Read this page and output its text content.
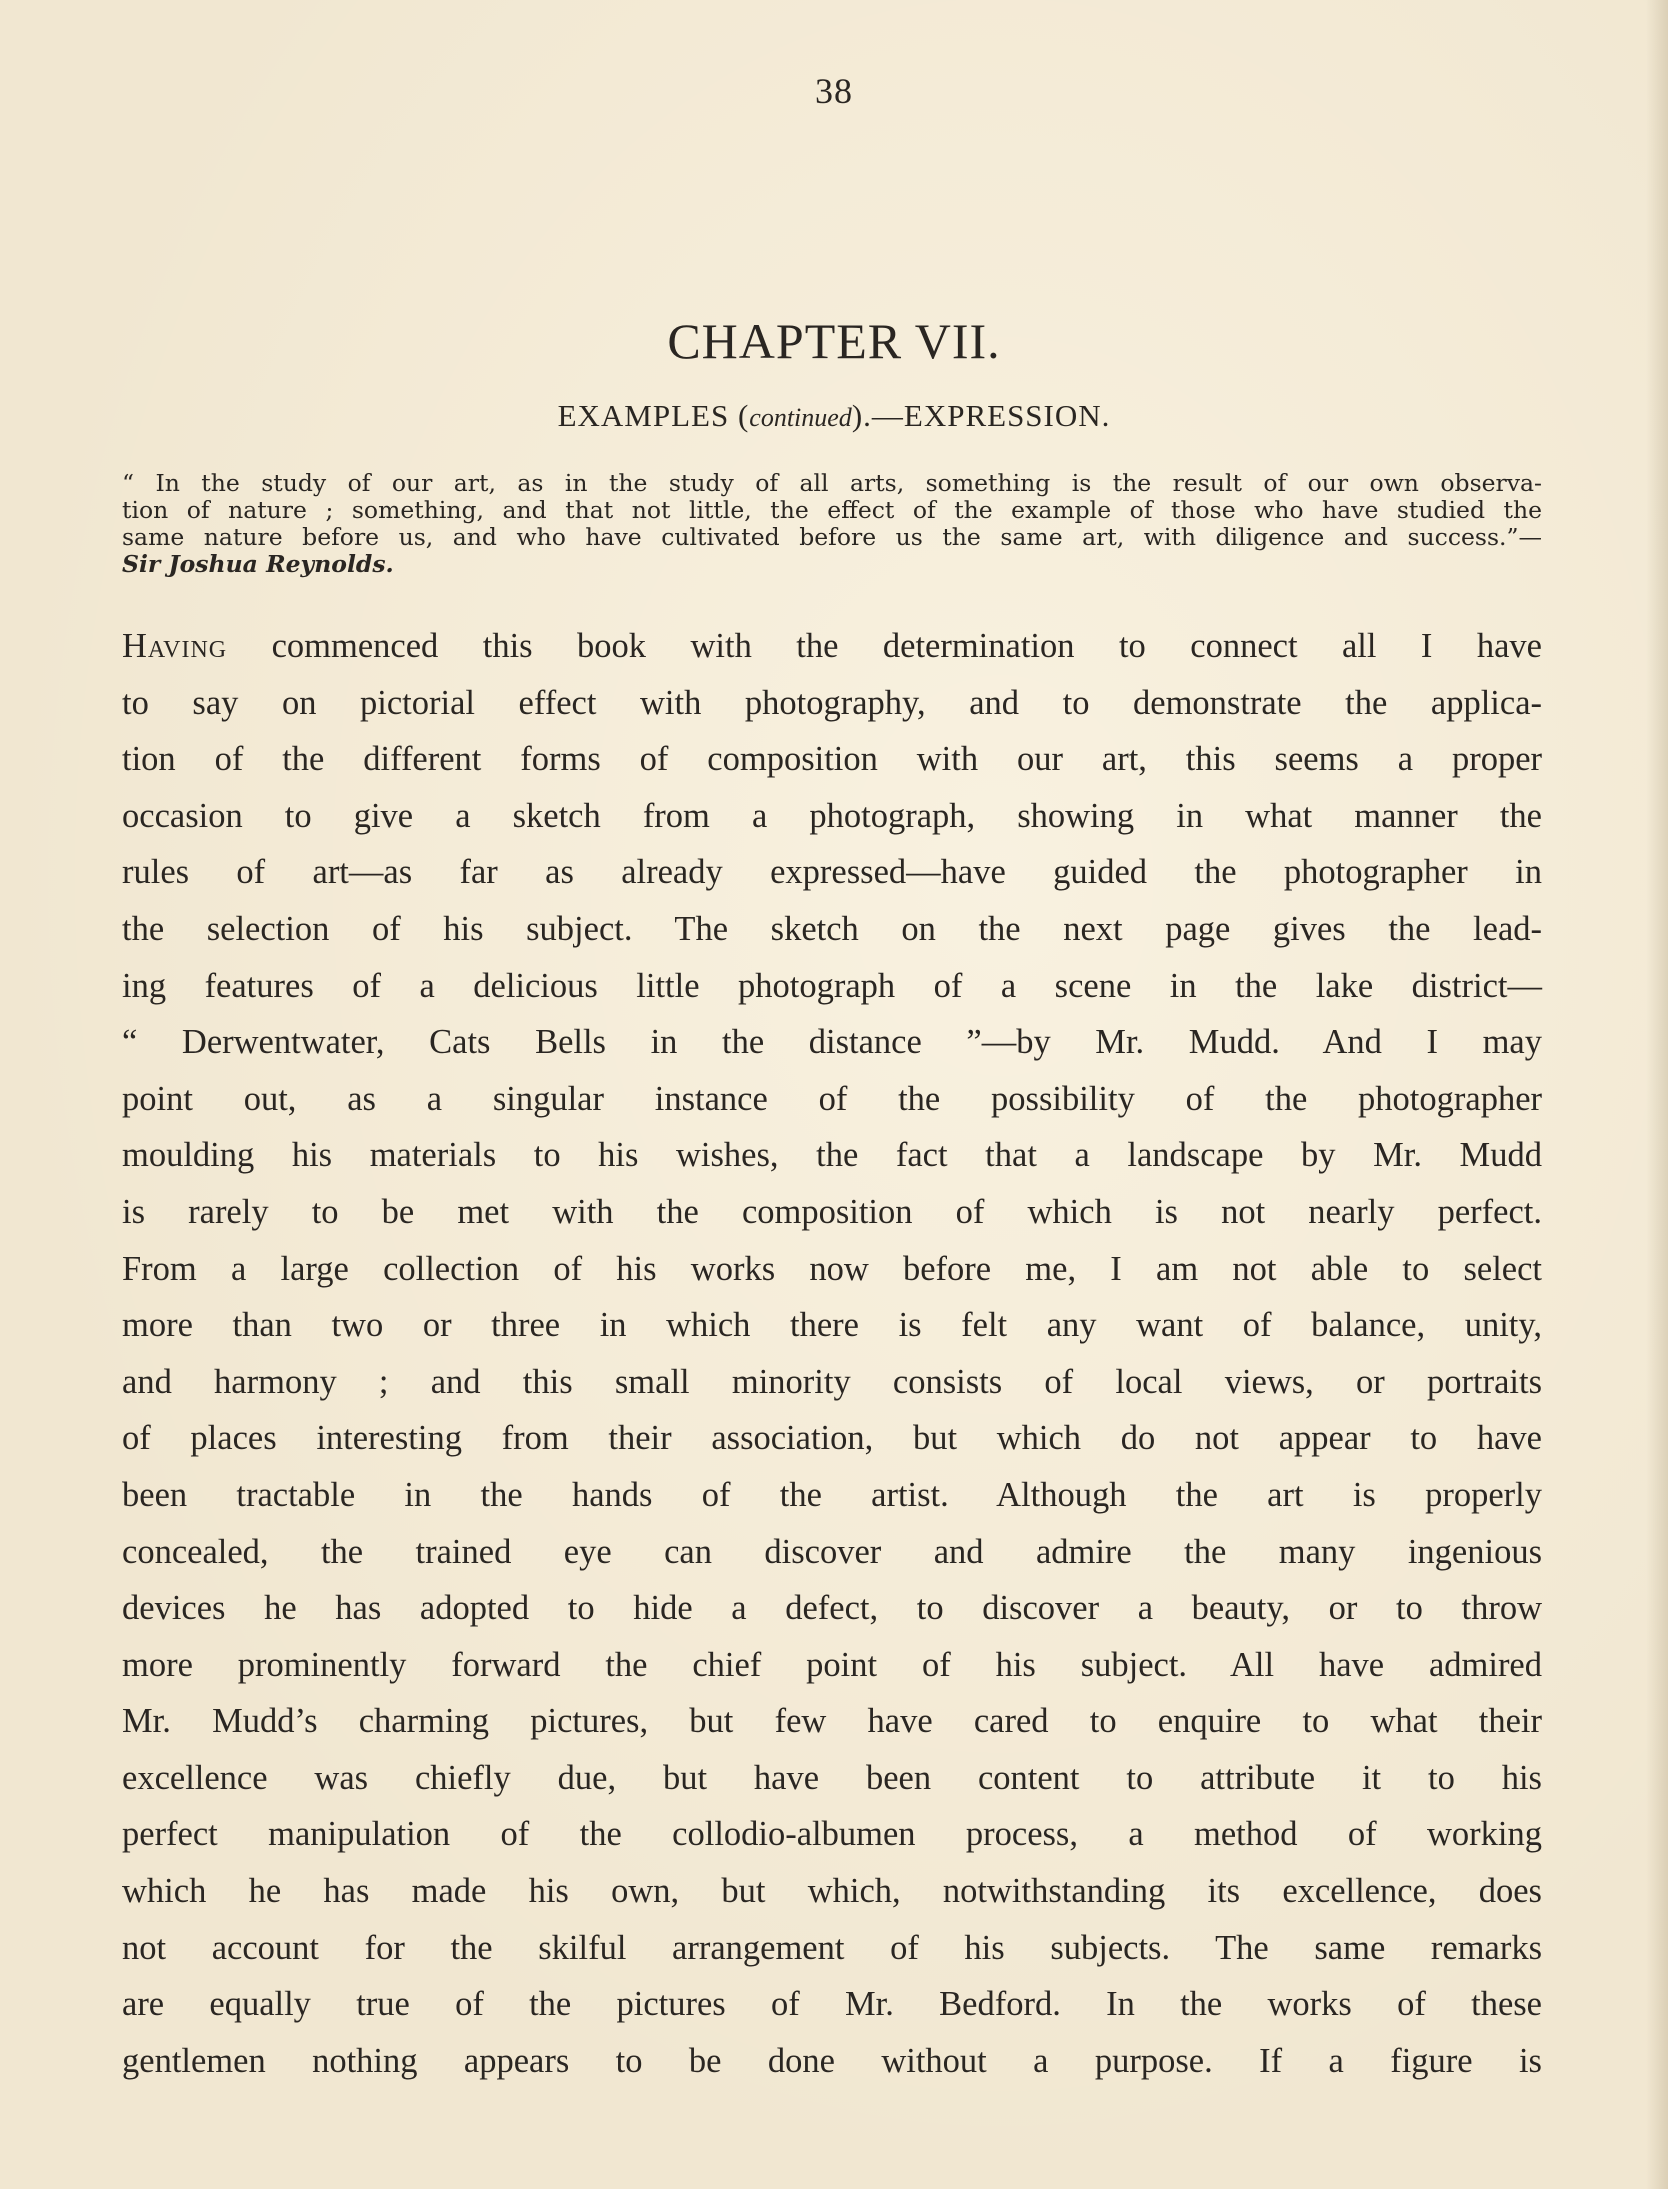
38
CHAPTER VII.
EXAMPLES (continued).—EXPRESSION.
“ In the study of our art, as in the study of all arts, something is the result of our own observa-
tion of nature ; something, and that not little, the effect of the example of those who have studied the
same nature before us, and who have cultivated before us the same art, with diligence and success.”—
Sir Joshua Reynolds.
Having commenced this book with the determination to connect all I have
to say on pictorial effect with photography, and to demonstrate the applica-
tion of the different forms of composition with our art, this seems a proper
occasion to give a sketch from a photograph, showing in what manner the
rules of art—as far as already expressed—have guided the photographer in
the selection of his subject. The sketch on the next page gives the lead-
ing features of a delicious little photograph of a scene in the lake district—
“ Derwentwater, Cats Bells in the distance ”—by Mr. Mudd. And I may
point out, as a singular instance of the possibility of the photographer
moulding his materials to his wishes, the fact that a landscape by Mr. Mudd
is rarely to be met with the composition of which is not nearly perfect.
From a large collection of his works now before me, I am not able to select
more than two or three in which there is felt any want of balance, unity,
and harmony ; and this small minority consists of local views, or portraits
of places interesting from their association, but which do not appear to have
been tractable in the hands of the artist. Although the art is properly
concealed, the trained eye can discover and admire the many ingenious
devices he has adopted to hide a defect, to discover a beauty, or to throw
more prominently forward the chief point of his subject. All have admired
Mr. Mudd’s charming pictures, but few have cared to enquire to what their
excellence was chiefly due, but have been content to attribute it to his
perfect manipulation of the collodio-albumen process, a method of working
which he has made his own, but which, notwithstanding its excellence, does
not account for the skilful arrangement of his subjects. The same remarks
are equally true of the pictures of Mr. Bedford. In the works of these
gentlemen nothing appears to be done without a purpose. If a figure is
